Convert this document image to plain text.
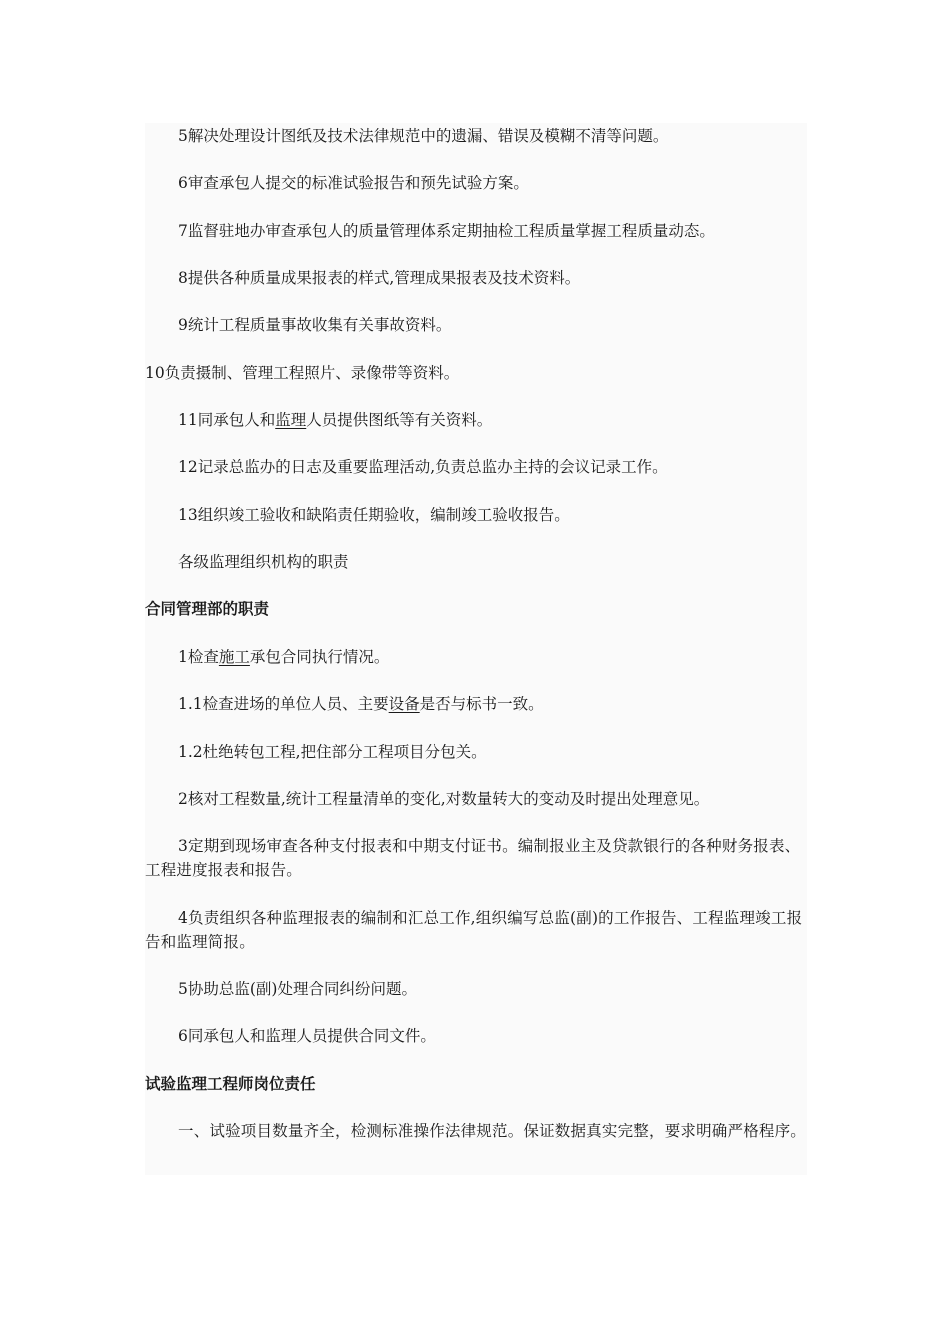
5解决处理设计图纸及技术法律规范中的遗漏、错误及模糊不清等问题。
6审查承包人提交的标准试验报告和预先试验方案。
7监督驻地办审查承包人的质量管理体系定期抽检工程质量掌握工程质量动态。
8提供各种质量成果报表的样式,管理成果报表及技术资料。
9统计工程质量事故收集有关事故资料。
10负责摄制、管理工程照片、录像带等资料。
11同承包人和监理人员提供图纸等有关资料。
12记录总监办的日志及重要监理活动,负责总监办主持的会议记录工作。
13组织竣工验收和缺陷责任期验收，编制竣工验收报告。
各级监理组织机构的职责
合同管理部的职责
1检查施工承包合同执行情况。
1.1检查进场的单位人员、主要设备是否与标书一致。
1.2杜绝转包工程,把住部分工程项目分包关。
2核对工程数量,统计工程量清单的变化,对数量转大的变动及时提出处理意见。
3定期到现场审查各种支付报表和中期支付证书。编制报业主及贷款银行的各种财务报表、工程进度报表和报告。
4负责组织各种监理报表的编制和汇总工作,组织编写总监(副)的工作报告、工程监理竣工报告和监理简报。
5协助总监(副)处理合同纠纷问题。
6同承包人和监理人员提供合同文件。
试验监理工程师岗位责任
一、试验项目数量齐全，检测标准操作法律规范。保证数据真实完整，要求明确严格程序。
